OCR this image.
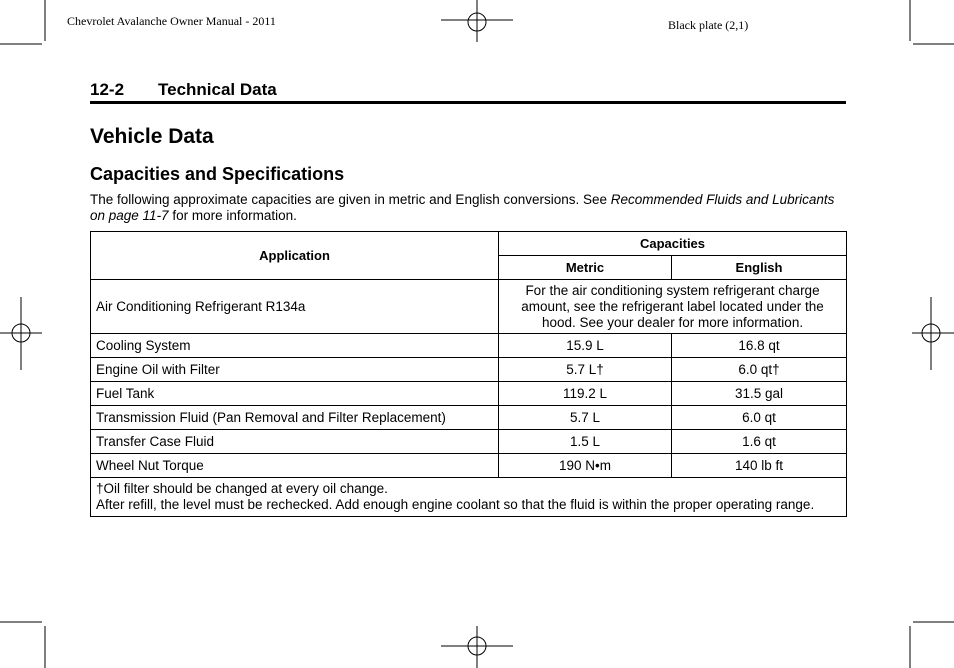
Chevrolet Avalanche Owner Manual - 2011	Black plate (2,1)
12-2 Technical Data
Vehicle Data
Capacities and Specifications
The following approximate capacities are given in metric and English conversions. See Recommended Fluids and Lubricants on page 11-7 for more information.
Application	Capacities	
	Metric	English
Air Conditioning Refrigerant R134a	For the air conditioning system refrigerant charge amount, see the refrigerant label located under the hood. See your dealer for more information.	
Cooling System	15.9 L	16.8 qt
Engine Oil with Filter	5.7 L†	6.0 qt†
Fuel Tank	119.2 L	31.5 gal
Transmission Fluid (Pan Removal and Filter Replacement)	5.7 L	6.0 qt
Transfer Case Fluid	1.5 L	1.6 qt
Wheel Nut Torque	190 N•m	140 lb ft

†Oil filter should be changed at every oil change.
After refill, the level must be rechecked. Add enough engine coolant so that the fluid is within the proper operating range.		
